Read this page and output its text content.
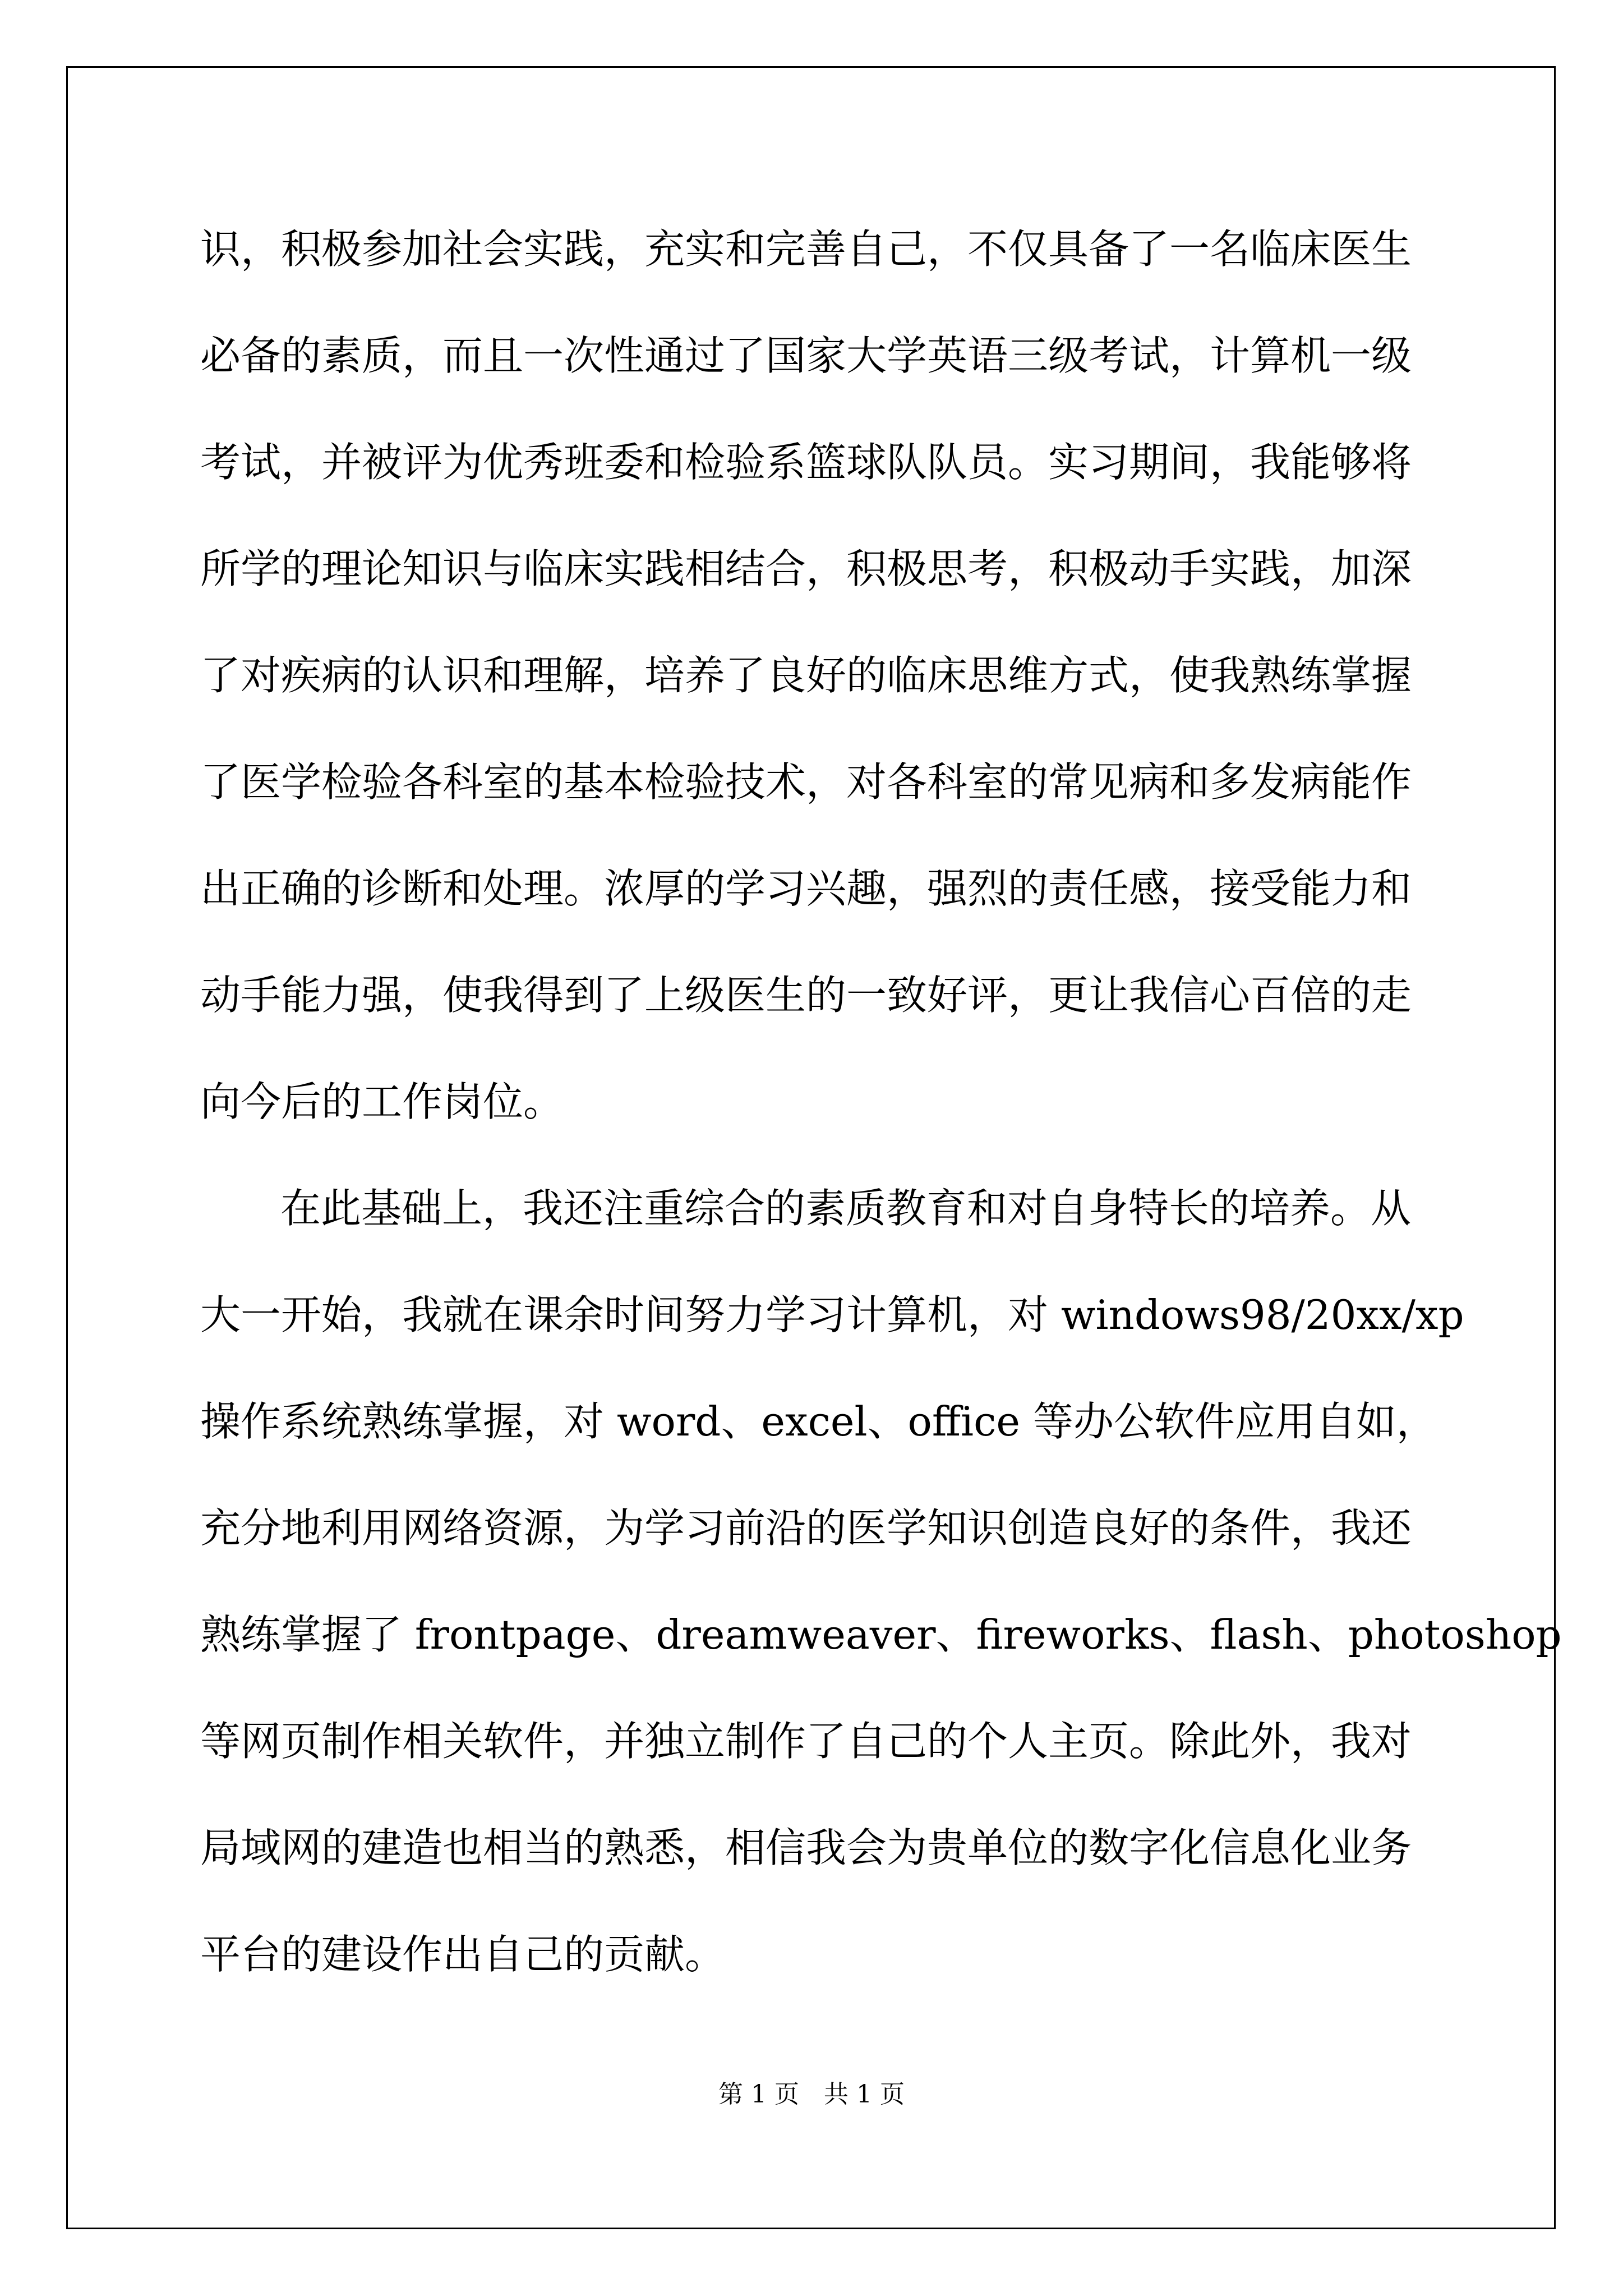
识，积极参加社会实践，充实和完善自己，不仅具备了一名临床医生
必备的素质，而且一次性通过了国家大学英语三级考试，计算机一级
考试，并被评为优秀班委和检验系篮球队队员。实习期间，我能够将
所学的理论知识与临床实践相结合，积极思考，积极动手实践，加深
了对疾病的认识和理解，培养了良好的临床思维方式，使我熟练掌握
了医学检验各科室的基本检验技术，对各科室的常见病和多发病能作
出正确的诊断和处理。浓厚的学习兴趣，强烈的责任感，接受能力和
动手能力强，使我得到了上级医生的一致好评，更让我信心百倍的走
向今后的工作岗位。
在此基础上，我还注重综合的素质教育和对自身特长的培养。从
大一开始，我就在课余时间努力学习计算机，对 windows98/20xx/xp
操作系统熟练掌握，对 word、excel、office 等办公软件应用自如，
充分地利用网络资源，为学习前沿的医学知识创造良好的条件，我还
熟练掌握了 frontpage、dreamweaver、fireworks、flash、photoshop
等网页制作相关软件，并独立制作了自己的个人主页。除此外，我对
局域网的建造也相当的熟悉，相信我会为贵单位的数字化信息化业务
平台的建设作出自己的贡献。
第 1 页　共 1 页
